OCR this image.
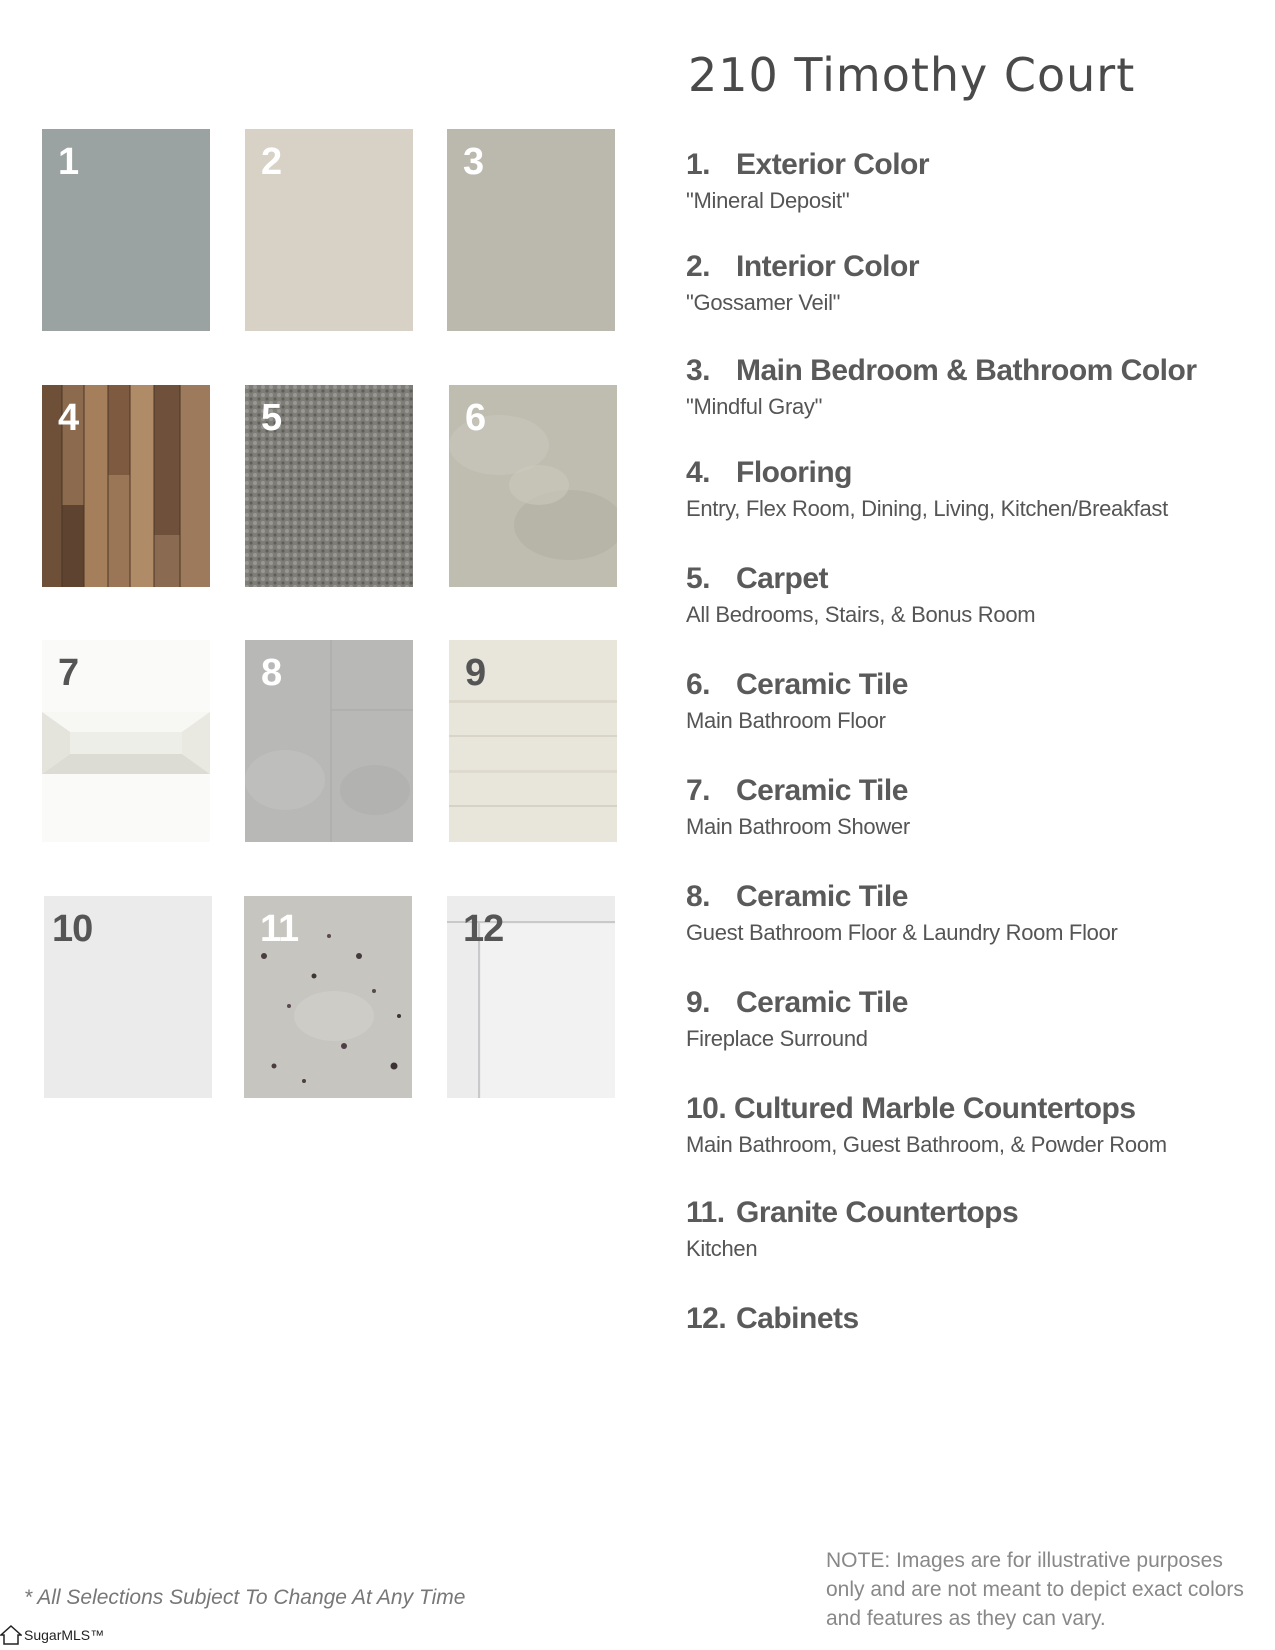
210 Timothy Court
1	2	3
4	5	6
7	8	9
10	11	12
1. Exterior Color
"Mineral Deposit"
2. Interior Color
"Gossamer Veil"
3. Main Bedroom & Bathroom Color
"Mindful Gray"
4. Flooring
Entry, Flex Room, Dining, Living, Kitchen/Breakfast
5. Carpet
All Bedrooms, Stairs, & Bonus Room
6. Ceramic Tile
Main Bathroom Floor
7. Ceramic Tile
Main Bathroom Shower
8. Ceramic Tile
Guest Bathroom Floor & Laundry Room Floor
9. Ceramic Tile
Fireplace Surround
10. Cultured Marble Countertops
Main Bathroom, Guest Bathroom, & Powder Room
11. Granite Countertops
Kitchen
12. Cabinets
* All Selections Subject To Change At Any Time
NOTE: Images are for illustrative purposes only and are not meant to depict exact colors and features as they can vary.
SugarMLS™
